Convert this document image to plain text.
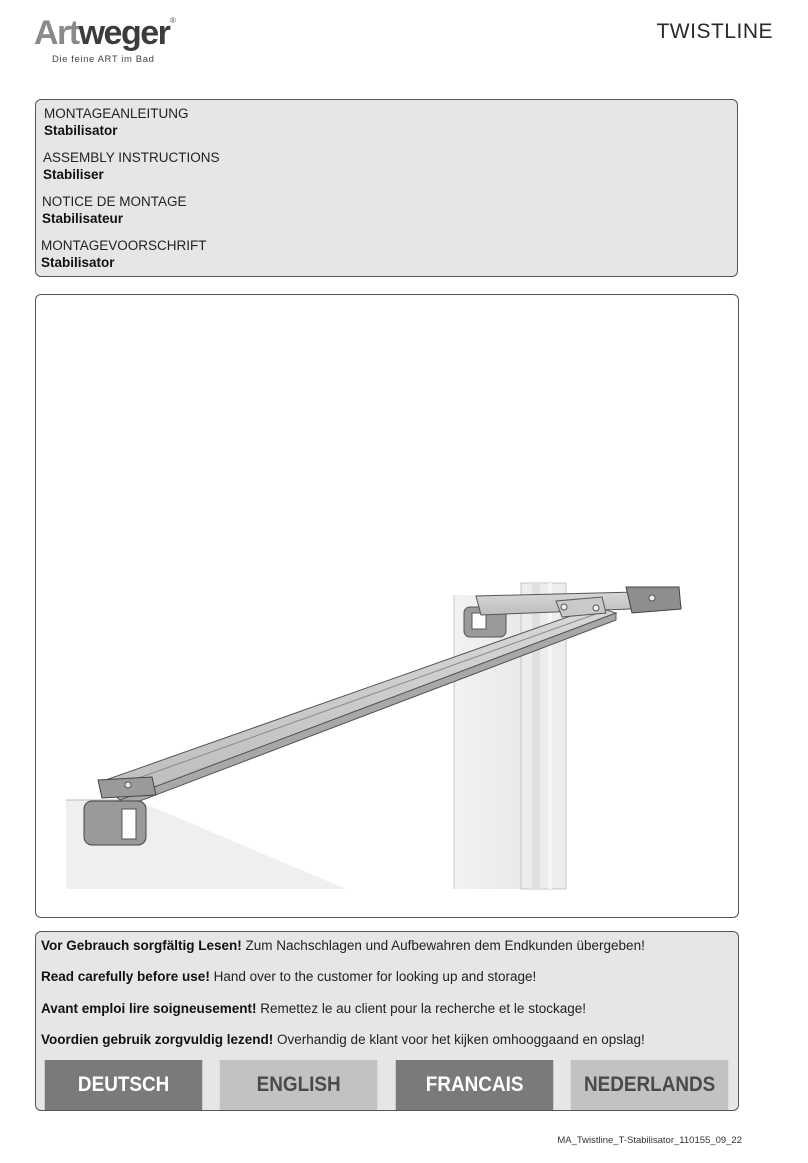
Artweger ®
Die feine ART im Bad
TWISTLINE
MONTAGEANLEITUNG
Stabilisator
ASSEMBLY INSTRUCTIONS
Stabiliser
NOTICE DE MONTAGE
Stabilisateur
MONTAGEVOORSCHRIFT
Stabilisator
Vor Gebrauch sorgfältig Lesen! Zum Nachschlagen und Aufbewahren dem Endkunden übergeben!
Read carefully before use! Hand over to the customer for looking up and storage!
Avant emploi lire soigneusement! Remettez le au client pour la recherche et le stockage!
Voordien gebruik zorgvuldig lezend! Overhandig de klant voor het kijken omhooggaand en opslag!
DEUTSCH	ENGLISH	FRANCAIS	NEDERLANDS
MA_Twistline_T-Stabilisator_110155_09_22
